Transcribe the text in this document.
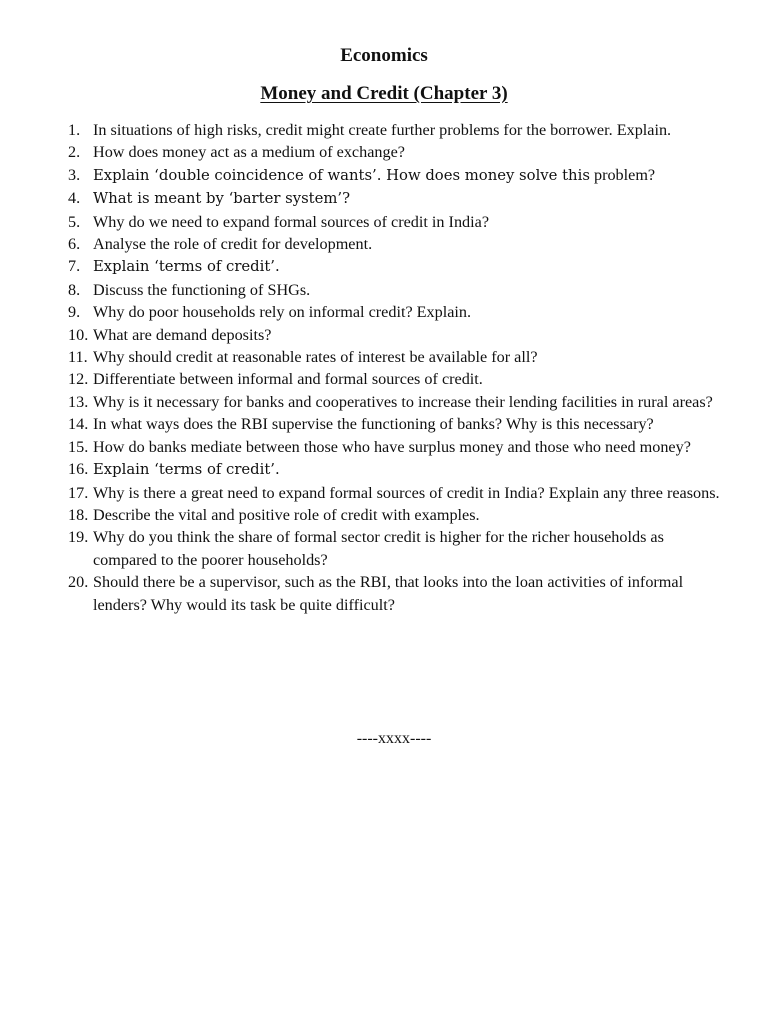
Economics
Money and Credit (Chapter 3)
1. In situations of high risks, credit might create further problems for the borrower. Explain.
2. How does money act as a medium of exchange?
3. Explain ‘double coincidence of wants’. How does money solve this problem?
4. What is meant by ‘barter system’?
5. Why do we need to expand formal sources of credit in India?
6. Analyse the role of credit for development.
7. Explain ‘terms of credit’.
8. Discuss the functioning of SHGs.
9. Why do poor households rely on informal credit? Explain.
10. What are demand deposits?
11. Why should credit at reasonable rates of interest be available for all?
12. Differentiate between informal and formal sources of credit.
13. Why is it necessary for banks and cooperatives to increase their lending facilities in rural areas?
14. In what ways does the RBI supervise the functioning of banks? Why is this necessary?
15. How do banks mediate between those who have surplus money and those who need money?
16. Explain ‘terms of credit’.
17. Why is there a great need to expand formal sources of credit in India? Explain any three reasons.
18. Describe the vital and positive role of credit with examples.
19. Why do you think the share of formal sector credit is higher for the richer households as compared to the poorer households?
20. Should there be a supervisor, such as the RBI, that looks into the loan activities of informal lenders? Why would its task be quite difficult?
----xxxx----
